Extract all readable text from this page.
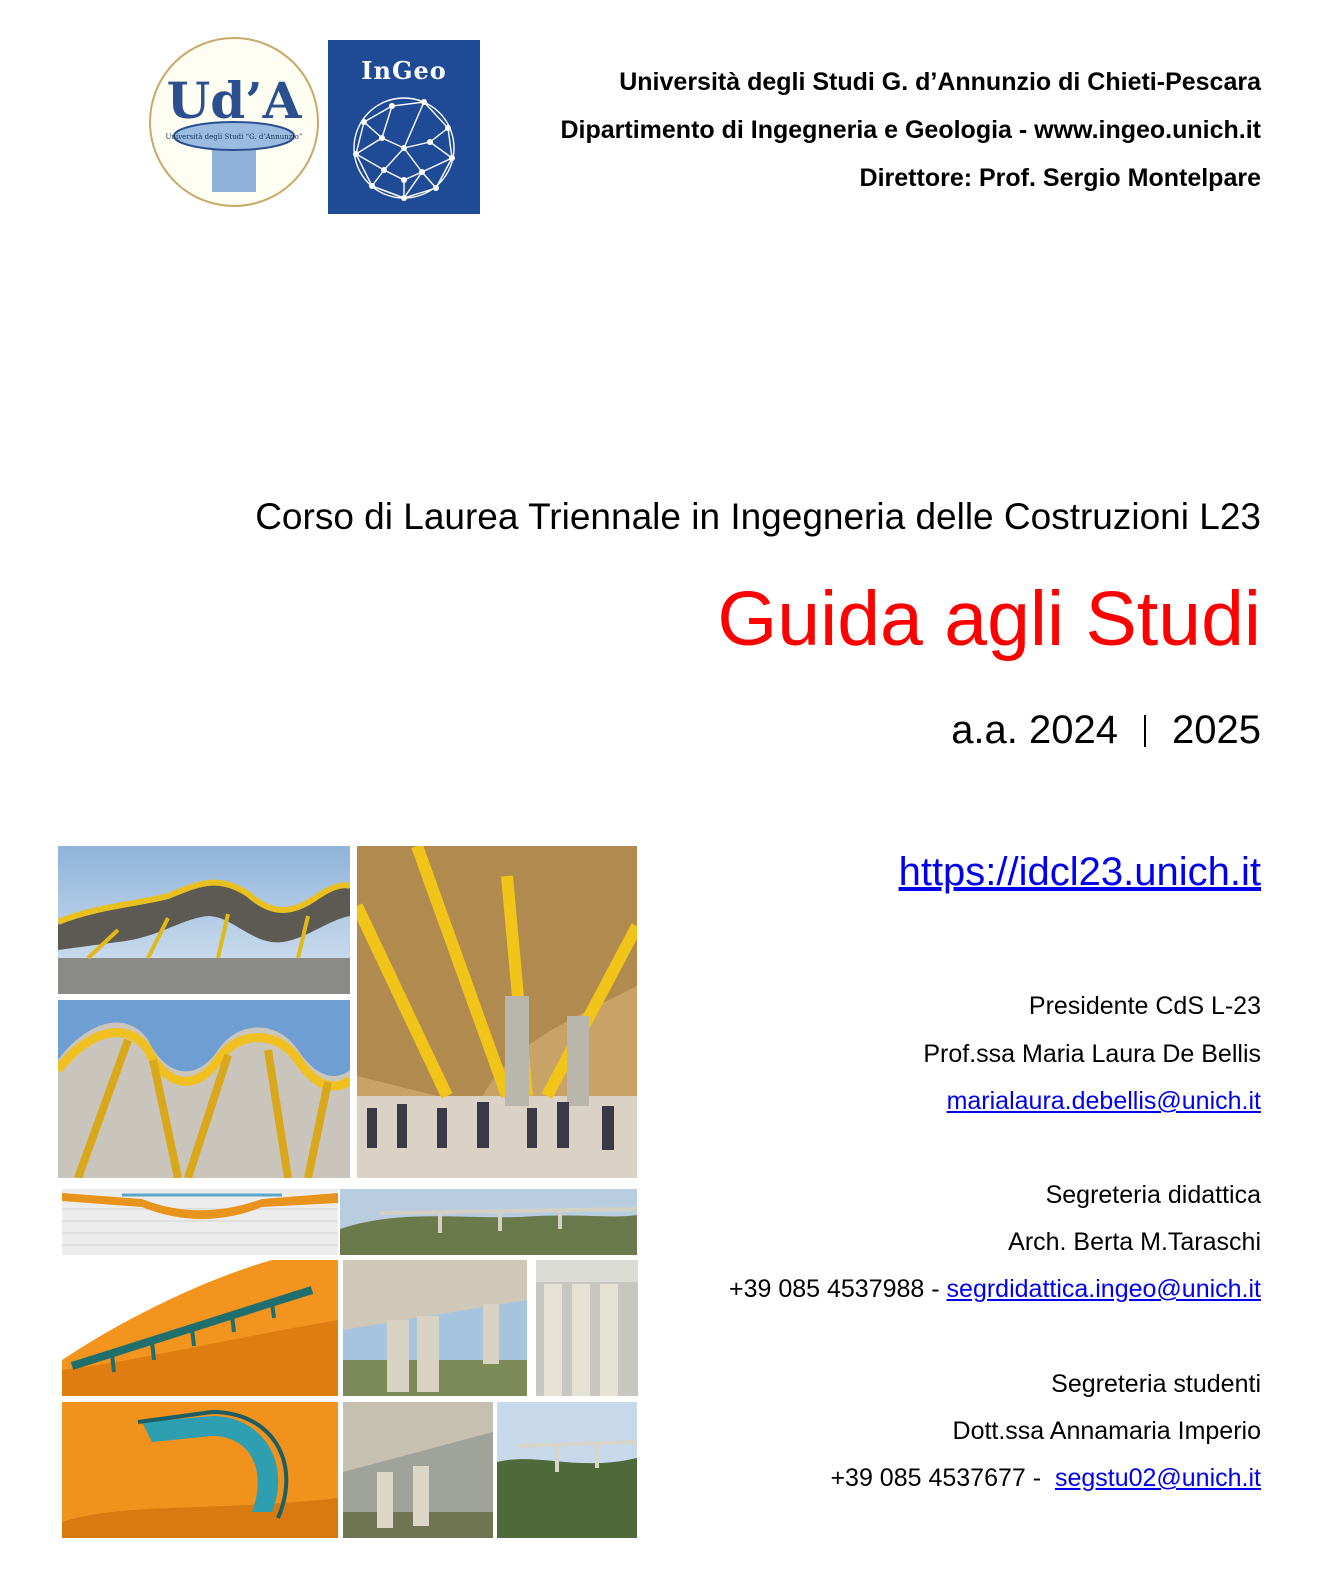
Ud’A
Università degli Studi “G. d’Annunzio”
InGeo	Università degli Studi G. d’Annunzio di Chieti-Pescara
Dipartimento di Ingegneria e Geologia - www.ingeo.unich.it
Direttore: Prof. Sergio Montelpare
Corso di Laurea Triennale in Ingegneria delle Costruzioni L23
Guida agli Studi
a.a. 2024 2025
https://idcl23.unich.it
Presidente CdS L-23
Prof.ssa Maria Laura De Bellis
marialaura.debellis@unich.it
Segreteria didattica
Arch. Berta M.Taraschi
+39 085 4537988 - segrdidattica.ingeo@unich.it
Segreteria studenti
Dott.ssa Annamaria Imperio
+39 085 4537677 -  segstu02@unich.it
